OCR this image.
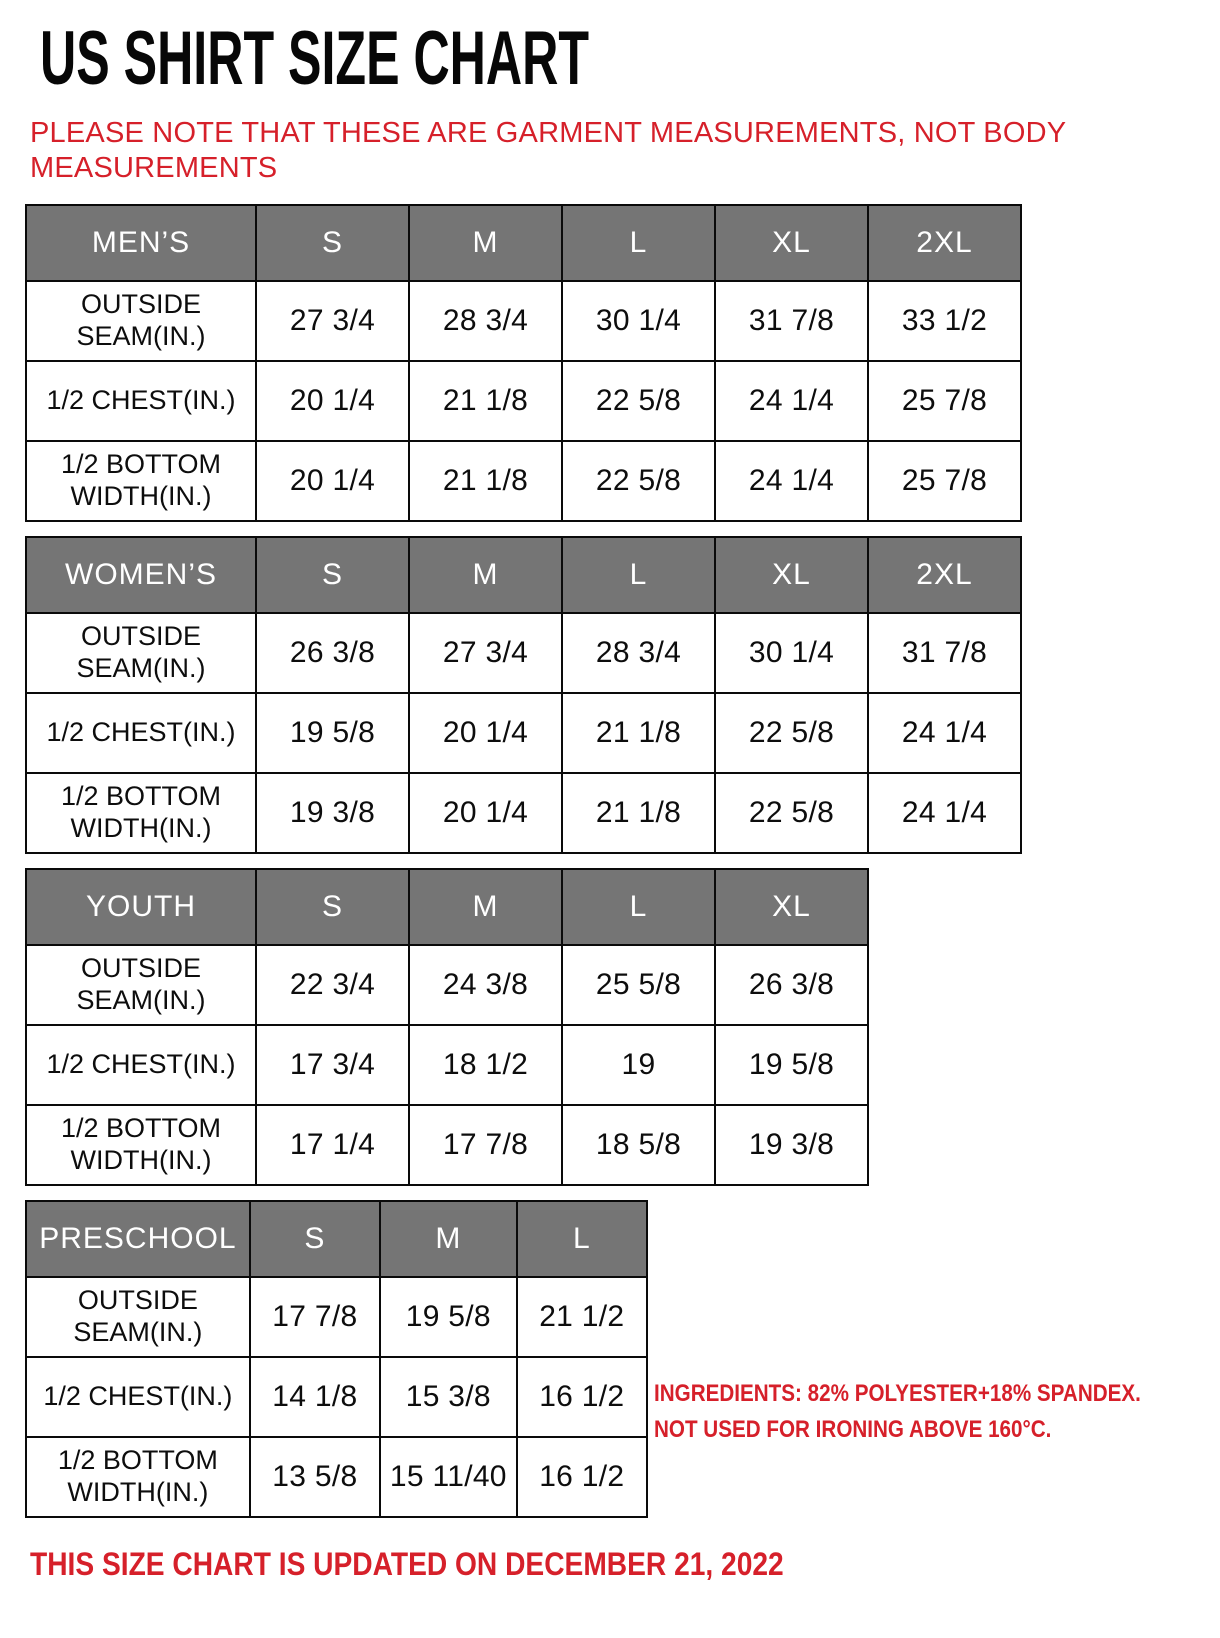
US SHIRT SIZE CHART
PLEASE NOTE THAT THESE ARE GARMENT MEASUREMENTS, NOT BODY
MEASUREMENTS
MEN’S	S	M	L	XL	2XL
OUTSIDE SEAM(IN.)	27 3/4	28 3/4	30 1/4	31 7/8	33 1/2
1/2 CHEST(IN.)	20 1/4	21 1/8	22 5/8	24 1/4	25 7/8
1/2 BOTTOM WIDTH(IN.)	20 1/4	21 1/8	22 5/8	24 1/4	25 7/8
WOMEN’S	S	M	L	XL	2XL
OUTSIDE SEAM(IN.)	26 3/8	27 3/4	28 3/4	30 1/4	31 7/8
1/2 CHEST(IN.)	19 5/8	20 1/4	21 1/8	22 5/8	24 1/4
1/2 BOTTOM WIDTH(IN.)	19 3/8	20 1/4	21 1/8	22 5/8	24 1/4
YOUTH	S	M	L	XL
OUTSIDE SEAM(IN.)	22 3/4	24 3/8	25 5/8	26 3/8
1/2 CHEST(IN.)	17 3/4	18 1/2	19	19 5/8
1/2 BOTTOM WIDTH(IN.)	17 1/4	17 7/8	18 5/8	19 3/8
PRESCHOOL	S	M	L
OUTSIDE SEAM(IN.)	17 7/8	19 5/8	21 1/2
1/2 CHEST(IN.)	14 1/8	15 3/8	16 1/2
1/2 BOTTOM WIDTH(IN.)	13 5/8	15 11/40	16 1/2
INGREDIENTS: 82% POLYESTER+18% SPANDEX.
NOT USED FOR IRONING ABOVE 160°C.
THIS SIZE CHART IS UPDATED ON DECEMBER 21, 2022
